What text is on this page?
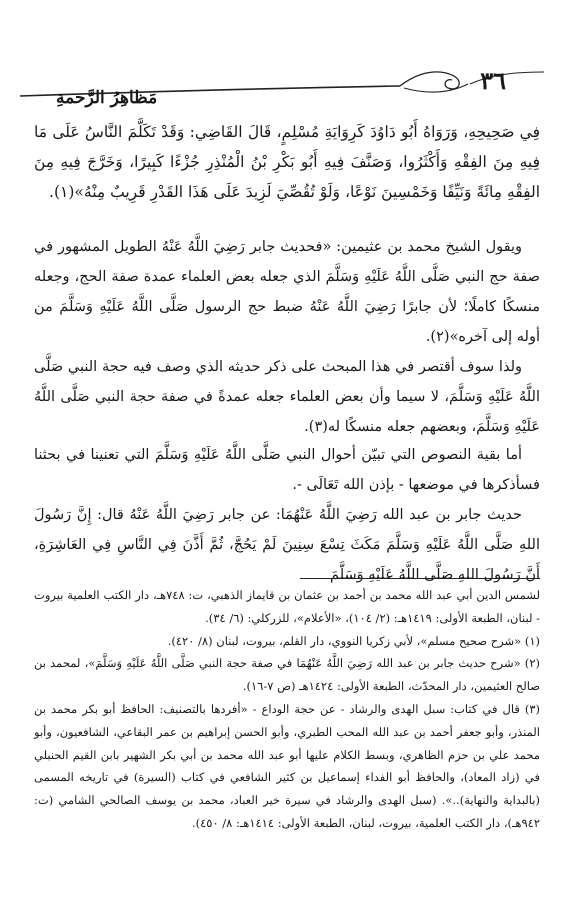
٣٦
مَظاهِرُ الرَّحمةِ

فِي صَحِيحِهِ، وَرَوَاهُ أَبُو دَاوُدَ كَرِوَايَةِ مُسْلِمٍ، قَالَ القَاضِي: وَقَدْ تَكَلَّمَ النَّاسُ عَلَى مَا فِيهِ مِنَ الفِقْهِ وَأَكْثَرُوا، وَصَنَّفَ فِيهِ أَبُو بَكْرِ بْنُ الْمُنْذِرِ جُزْءًا كَبِيرًا، وَخَرَّجَ فِيهِ مِنَ الفِقْهِ مِائَةً وَنَيِّفًا وَخَمْسِينَ نَوْعًا، وَلَوْ تُقُصِّيَ لَزِيدَ عَلَى هَذَا القَدْرِ قَرِيبٌ مِنْهُ»(١).

ويقول الشيخ محمد بن عثيمين: «فحديث جابر رَضِيَ اللَّهُ عَنْهُ الطويل المشهور في صفة حج النبي صَلَّى اللَّهُ عَلَيْهِ وَسَلَّمَ الذي جعله بعض العلماء عمدة صفة الحج، وجعله منسكًا كاملًا؛ لأن جابرًا رَضِيَ اللَّهُ عَنْهُ ضبط حج الرسول صَلَّى اللَّهُ عَلَيْهِ وَسَلَّمَ من أوله إلى آخره»(٢).

ولذا سوف أقتصر في هذا المبحث على ذكر حديثه الذي وصف فيه حجة النبي صَلَّى اللَّهُ عَلَيْهِ وَسَلَّمَ، لا سيما وأن بعض العلماء جعله عمدةً في صفة حجة النبي صَلَّى اللَّهُ عَلَيْهِ وَسَلَّمَ، وبعضهم جعله منسكًا له(٣).

أما بقية النصوص التي تبيّن أحوال النبي صَلَّى اللَّهُ عَلَيْهِ وَسَلَّمَ التي تعنينا في بحثنا فسأذكرها في موضعها - بإذن الله تَعَالَى -.

حديث جابر بن عبد الله رَضِيَ اللَّهُ عَنْهُمَا: عن جابر رَضِيَ اللَّهُ عَنْهُ قال: إِنَّ رَسُولَ اللهِ صَلَّى اللَّهُ عَلَيْهِ وَسَلَّمَ مَكَثَ تِسْعَ سِنِينَ لَمْ يَحُجَّ، ثُمَّ أَذَّنَ فِي النَّاسِ فِي العَاشِرَةِ، أَنَّ رَسُولَ اللهِ صَلَّى اللَّهُ عَلَيْهِ وَسَلَّمَ

لشمس الدين أبي عبد الله محمد بن أحمد بن عثمان بن قايماز الذهبي، ت: ٧٤٨هـ، دار الكتب العلمية بيروت - لبنان، الطبعة الأولى: ١٤١٩هـ: (٢/ ١٠٤)، «الأعلام»، للزركلي: (٦/ ٣٤).

(١) «شرح صحيح مسلم»، لأبي زكريا النووي، دار القلم، بيروت، لبنان (٨/ ٤٢٠).

(٢) «شرح حديث جابر بن عبد الله رَضِيَ اللَّهُ عَنْهُمَا في صفة حجة النبي صَلَّى اللَّهُ عَلَيْهِ وَسَلَّمَ»، لمحمد بن صالح العثيمين، دار المحدّث، الطبعة الأولى: ١٤٢٤هـ (ص ٧-١٦).

(٣) قال في كتاب: سبل الهدى والرشاد - عن حجة الوداع - «أفردها بالتصنيف: الحافظ أبو بكر محمد بن المنذر، وأبو جعفر أحمد بن عبد الله المحب الطبري، وأبو الحسن إبراهيم بن عمر البقاعي، الشافعيون، وأبو محمد علي بن حزم الظاهري، وبسط الكلام عليها أبو عبد الله محمد بن أبي بكر الشهير بابن القيم الحنبلي في (زاد المعاد)، والحافظ أبو الفداء إسماعيل بن كثير الشافعي في كتاب (السيرة) في تاريخه المسمى (بالبداية والنهاية)..». (سبل الهدى والرشاد في سيرة خير العباد، محمد بن يوسف الصالحي الشامي (ت: ٩٤٢هـ)، دار الكتب العلمية، بيروت، لبنان، الطبعة الأولى: ١٤١٤هـ: ٨/ ٤٥٠).
